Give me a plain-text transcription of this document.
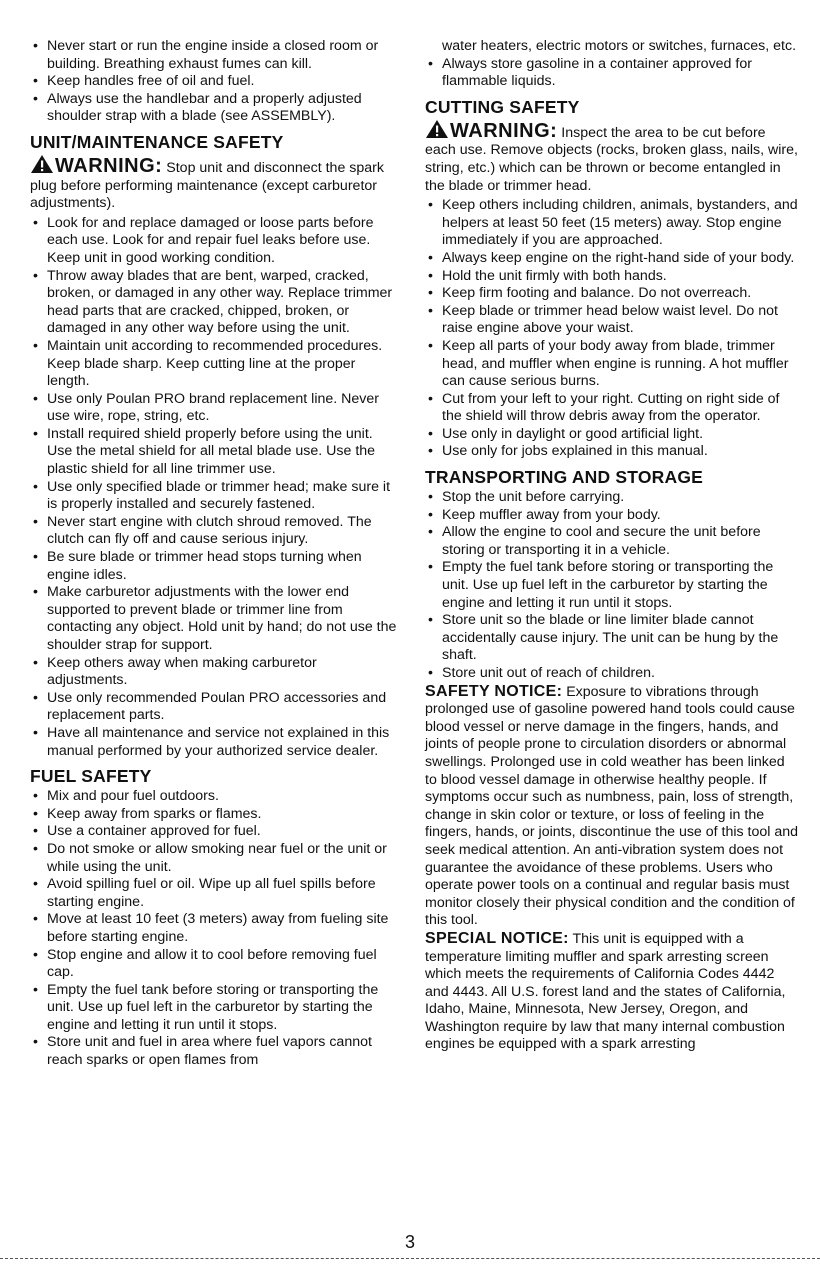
• Never start or run the engine inside a closed room or building. Breathing exhaust fumes can kill.
• Keep handles free of oil and fuel.
• Always use the handlebar and a properly adjusted shoulder strap with a blade (see ASSEMBLY).
UNIT/MAINTENANCE SAFETY

WARNING: Stop unit and disconnect the spark plug before performing maintenance (except carburetor adjustments).

• Look for and replace damaged or loose parts before each use. Look for and repair fuel leaks before use. Keep unit in good working condition.
• Throw away blades that are bent, warped, cracked, broken, or damaged in any other way. Replace trimmer head parts that are cracked, chipped, broken, or damaged in any other way before using the unit.
• Maintain unit according to recommended procedures. Keep blade sharp. Keep cutting line at the proper length.
• Use only Poulan PRO brand replacement line. Never use wire, rope, string, etc.
• Install required shield properly before using the unit. Use the metal shield for all metal blade use. Use the plastic shield for all line trimmer use.
• Use only specified blade or trimmer head; make sure it is properly installed and securely fastened.
• Never start engine with clutch shroud removed. The clutch can fly off and cause serious injury.
• Be sure blade or trimmer head stops turning when engine idles.
• Make carburetor adjustments with the lower end supported to prevent blade or trimmer line from contacting any object. Hold unit by hand; do not use the shoulder strap for support.
• Keep others away when making carburetor adjustments.
• Use only recommended Poulan PRO accessories and replacement parts.
• Have all maintenance and service not explained in this manual performed by your authorized service dealer.
FUEL SAFETY
• Mix and pour fuel outdoors.
• Keep away from sparks or flames.
• Use a container approved for fuel.
• Do not smoke or allow smoking near fuel or the unit or while using the unit.
• Avoid spilling fuel or oil. Wipe up all fuel spills before starting engine.
• Move at least 10 feet (3 meters) away from fueling site before starting engine.
• Stop engine and allow it to cool before removing fuel cap.
• Empty the fuel tank before storing or transporting the unit. Use up fuel left in the carburetor by starting the engine and letting it run until it stops.
• Store unit and fuel in area where fuel vapors cannot reach sparks or open flames from

water heaters, electric motors or switches, furnaces, etc.

• Always store gasoline in a container approved for flammable liquids.
CUTTING SAFETY

WARNING: Inspect the area to be cut before each use. Remove objects (rocks, broken glass, nails, wire, string, etc.) which can be thrown or become entangled in the blade or trimmer head.

• Keep others including children, animals, bystanders, and helpers at least 50 feet (15 meters) away. Stop engine immediately if you are approached.
• Always keep engine on the right-hand side of your body.
• Hold the unit firmly with both hands.
• Keep firm footing and balance. Do not overreach.
• Keep blade or trimmer head below waist level. Do not raise engine above your waist.
• Keep all parts of your body away from blade, trimmer head, and muffler when engine is running. A hot muffler can cause serious burns.
• Cut from your left to your right. Cutting on right side of the shield will throw debris away from the operator.
• Use only in daylight or good artificial light.
• Use only for jobs explained in this manual.
TRANSPORTING AND STORAGE
• Stop the unit before carrying.
• Keep muffler away from your body.
• Allow the engine to cool and secure the unit before storing or transporting it in a vehicle.
• Empty the fuel tank before storing or transporting the unit. Use up fuel left in the carburetor by starting the engine and letting it run until it stops.
• Store unit so the blade or line limiter blade cannot accidentally cause injury. The unit can be hung by the shaft.
• Store unit out of reach of children.

SAFETY NOTICE: Exposure to vibrations through prolonged use of gasoline powered hand tools could cause blood vessel or nerve damage in the fingers, hands, and joints of people prone to circulation disorders or abnormal swellings. Prolonged use in cold weather has been linked to blood vessel damage in otherwise healthy people. If symptoms occur such as numbness, pain, loss of strength, change in skin color or texture, or loss of feeling in the fingers, hands, or joints, discontinue the use of this tool and seek medical attention. An anti-vibration system does not guarantee the avoidance of these problems. Users who operate power tools on a continual and regular basis must monitor closely their physical condition and the condition of this tool.

SPECIAL NOTICE: This unit is equipped with a temperature limiting muffler and spark arresting screen which meets the requirements of California Codes 4442 and 4443. All U.S. forest land and the states of California, Idaho, Maine, Minnesota, New Jersey, Oregon, and Washington require by law that many internal combustion engines be equipped with a spark arresting

3
